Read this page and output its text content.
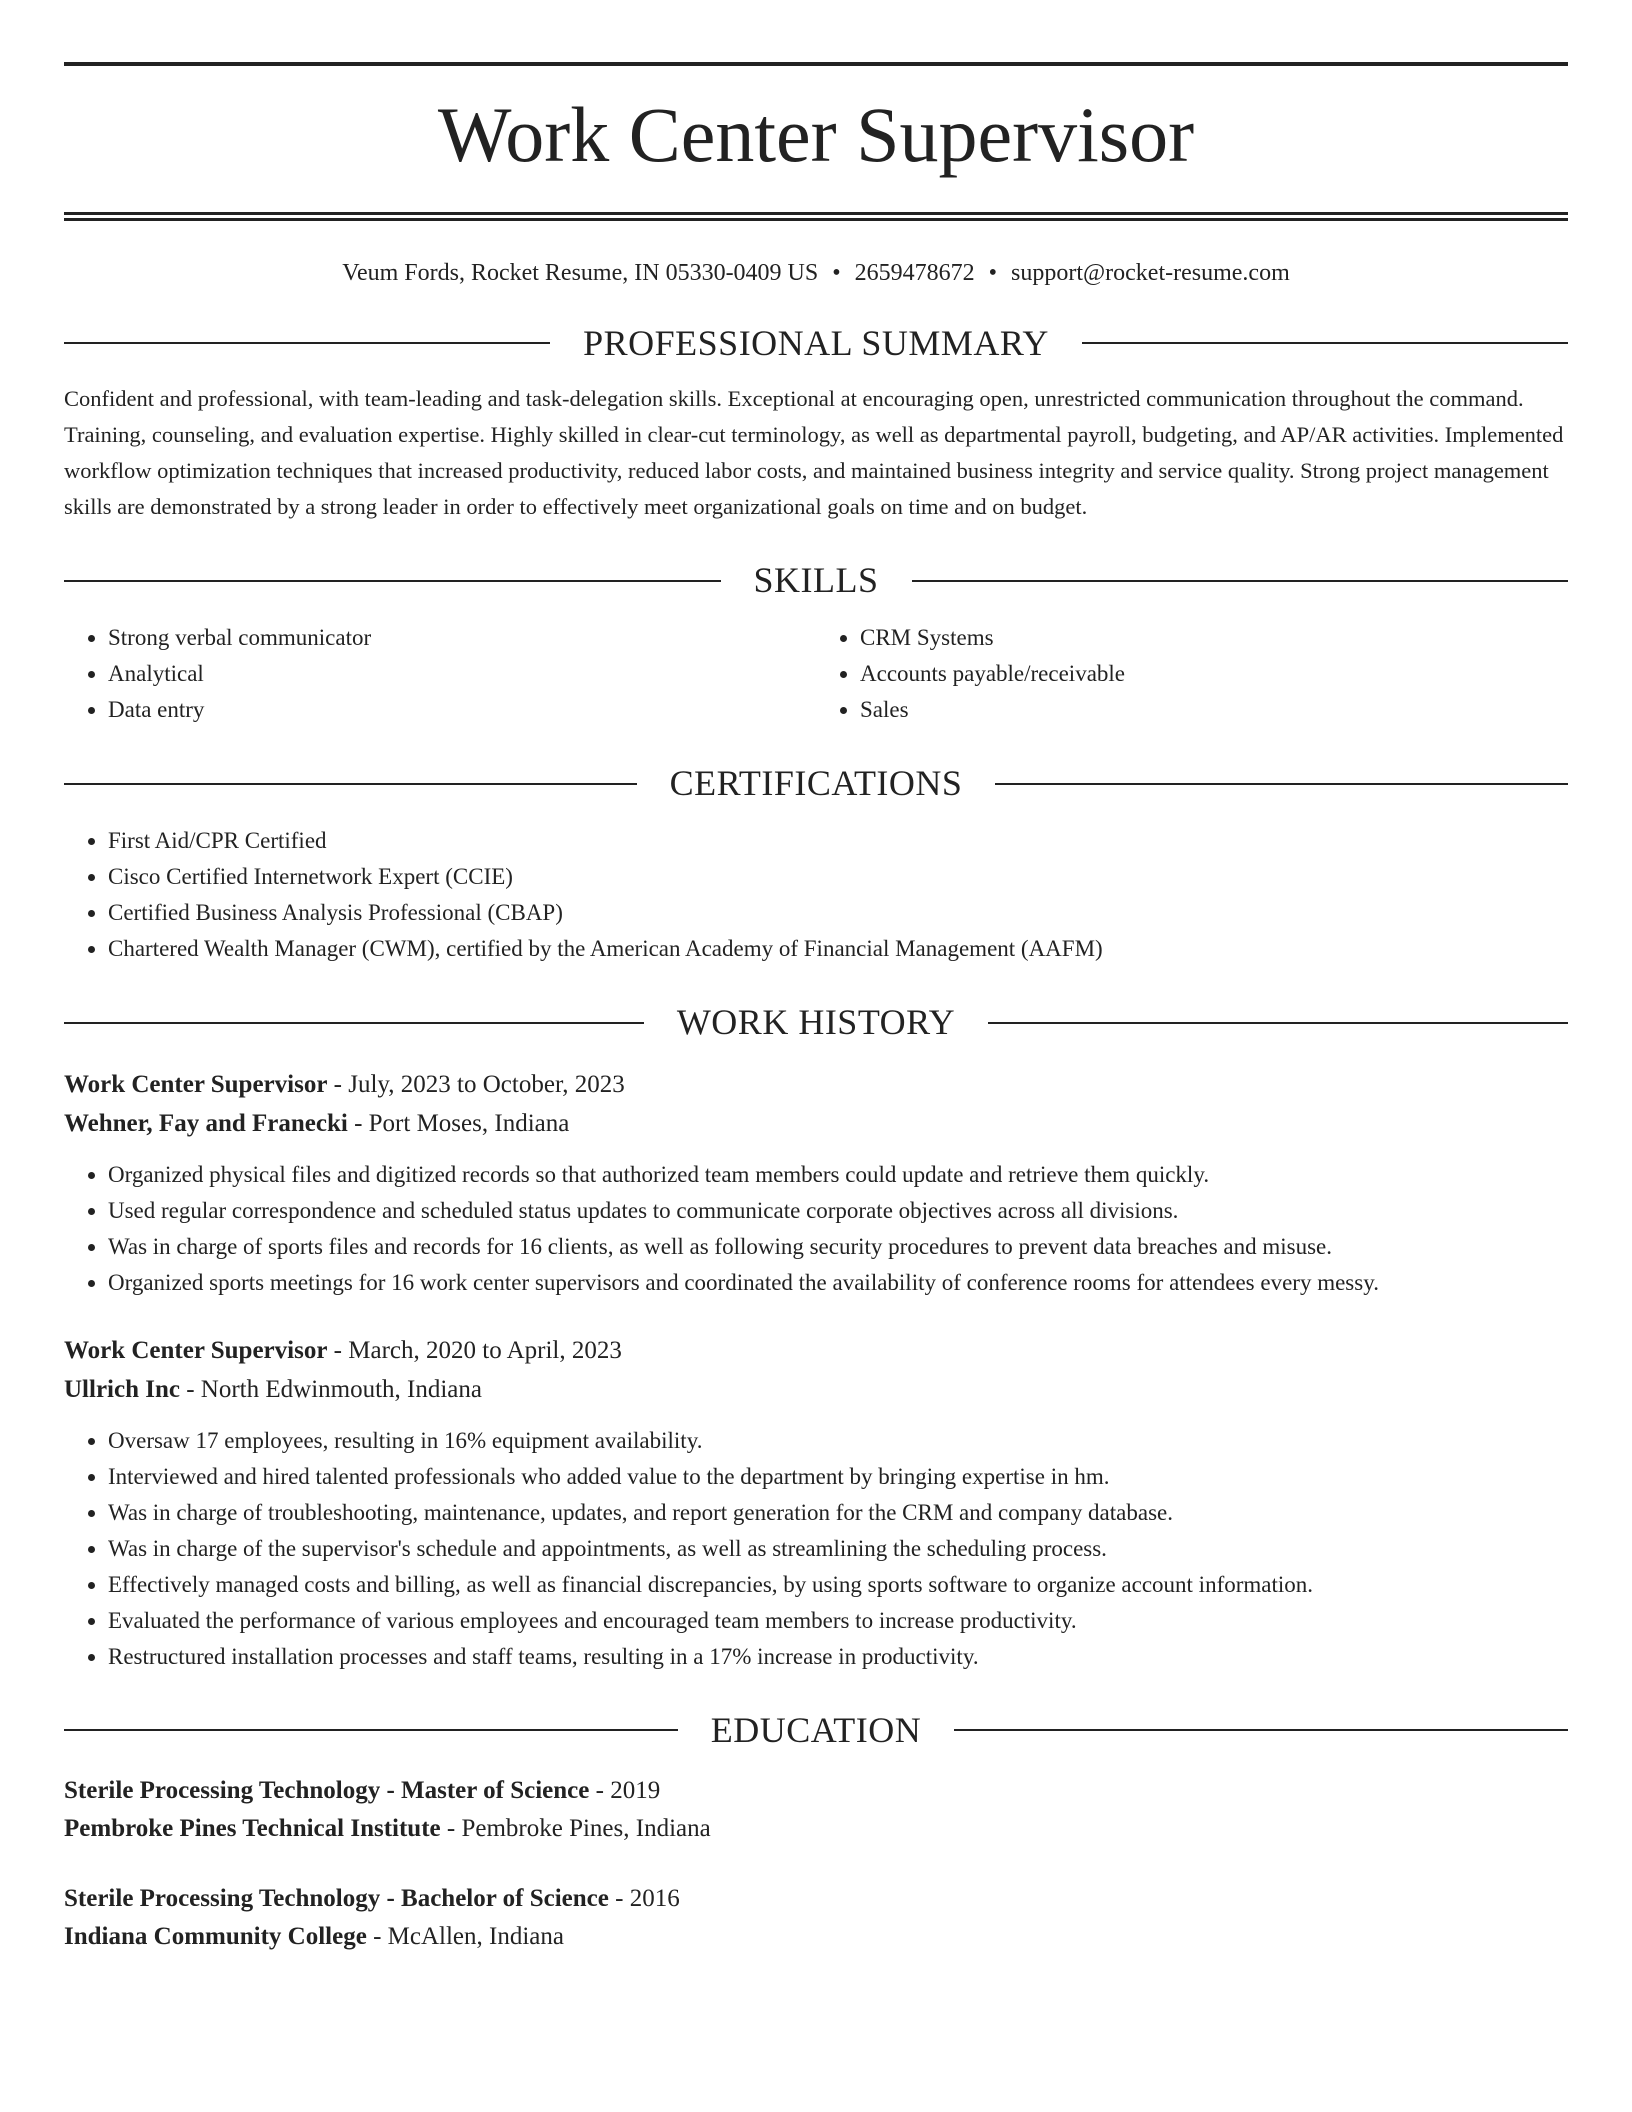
Work Center Supervisor
Veum Fords, Rocket Resume, IN 05330-0409 US • 2659478672 • support@rocket-resume.com
PROFESSIONAL SUMMARY
Confident and professional, with team-leading and task-delegation skills. Exceptional at encouraging open, unrestricted communication throughout the command. Training, counseling, and evaluation expertise. Highly skilled in clear-cut terminology, as well as departmental payroll, budgeting, and AP/AR activities. Implemented workflow optimization techniques that increased productivity, reduced labor costs, and maintained business integrity and service quality. Strong project management skills are demonstrated by a strong leader in order to effectively meet organizational goals on time and on budget.
SKILLS
• Strong verbal communicator
• Analytical
• Data entry
• CRM Systems
• Accounts payable/receivable
• Sales
CERTIFICATIONS
• First Aid/CPR Certified
• Cisco Certified Internetwork Expert (CCIE)
• Certified Business Analysis Professional (CBAP)
• Chartered Wealth Manager (CWM), certified by the American Academy of Financial Management (AAFM)
WORK HISTORY
Work Center Supervisor - July, 2023 to October, 2023
Wehner, Fay and Franecki - Port Moses, Indiana
• Organized physical files and digitized records so that authorized team members could update and retrieve them quickly.
• Used regular correspondence and scheduled status updates to communicate corporate objectives across all divisions.
• Was in charge of sports files and records for 16 clients, as well as following security procedures to prevent data breaches and misuse.
• Organized sports meetings for 16 work center supervisors and coordinated the availability of conference rooms for attendees every messy.
Work Center Supervisor - March, 2020 to April, 2023
Ullrich Inc - North Edwinmouth, Indiana
• Oversaw 17 employees, resulting in 16% equipment availability.
• Interviewed and hired talented professionals who added value to the department by bringing expertise in hm.
• Was in charge of troubleshooting, maintenance, updates, and report generation for the CRM and company database.
• Was in charge of the supervisor's schedule and appointments, as well as streamlining the scheduling process.
• Effectively managed costs and billing, as well as financial discrepancies, by using sports software to organize account information.
• Evaluated the performance of various employees and encouraged team members to increase productivity.
• Restructured installation processes and staff teams, resulting in a 17% increase in productivity.
EDUCATION
Sterile Processing Technology - Master of Science - 2019
Pembroke Pines Technical Institute - Pembroke Pines, Indiana
Sterile Processing Technology - Bachelor of Science - 2016
Indiana Community College - McAllen, Indiana
